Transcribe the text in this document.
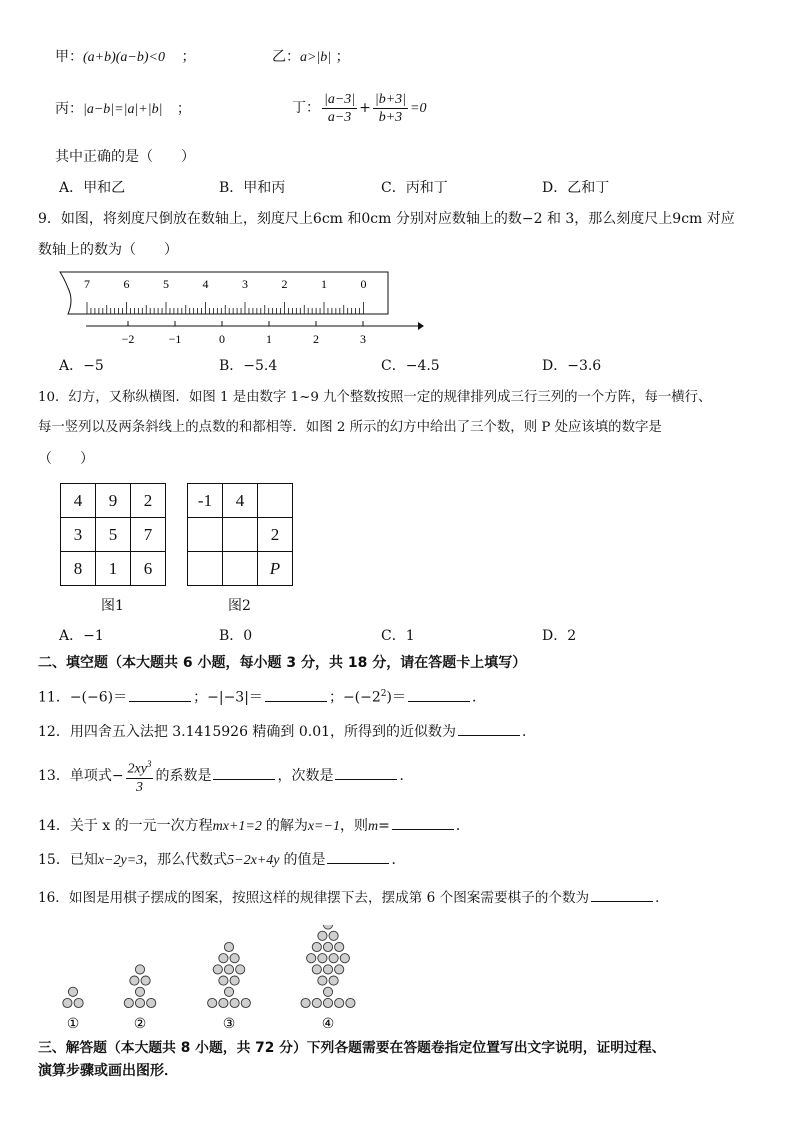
甲：(a+b)(a−b)<0 ；	乙：a>|b| ；
丙：|a−b|=|a|+|b| ；	丁： $\frac{|a-3|}{a-3} + \frac{|b+3|}{b+3} =0$
其中正确的是（　　）
A．甲和乙	B．甲和丙	C．丙和丁	D．乙和丁
9．如图，将刻度尺倒放在数轴上，刻度尺上6cm 和0cm 分别对应数轴上的数−2 和 3，那么刻度尺上9cm 对应
数轴上的数为（　　）
7	6	5	4	3	2	1	0
−2	−1	0	1	2	3
A．−5	B．−5.4	C．−4.5	D．−3.6
10．幻方，又称纵横图．如图 1 是由数字 1~9 九个整数按照一定的规律排列成三行三列的一个方阵，每一横行、
每一竖列以及两条斜线上的点数的和都相等．如图 2 所示的幻方中给出了三个数，则 P 处应该填的数字是
（　　）
4	9	2
3	5	7
8	1	6
图1
-1	4	
		2
		P
图2
A．−1	B．0	C．1	D．2
二、填空题（本大题共 6 小题，每小题 3 分，共 18 分，请在答题卡上填写）
11．−(−6)＝	；−|−3|＝	；$-(-2^2)=$	．
12．用四舍五入法把 3.1415926 精确到 0.01，所得到的近似数为	．
13．单项式− $\frac{2xy^3}{3}$ 的系数是	，次数是	．
14．关于 x 的一元一次方程mx+1=2 的解为x=−1，则m=	．
15．已知x−2y=3，那么代数式5−2x+4y 的值是	．
16．如图是用棋子摆成的图案，按照这样的规律摆下去，摆成第 6 个图案需要棋子的个数为	．
①	②	③	④
三、解答题（本大题共 8 小题，共 72 分）下列各题需要在答题卷指定位置写出文字说明，证明过程、
演算步骤或画出图形．
